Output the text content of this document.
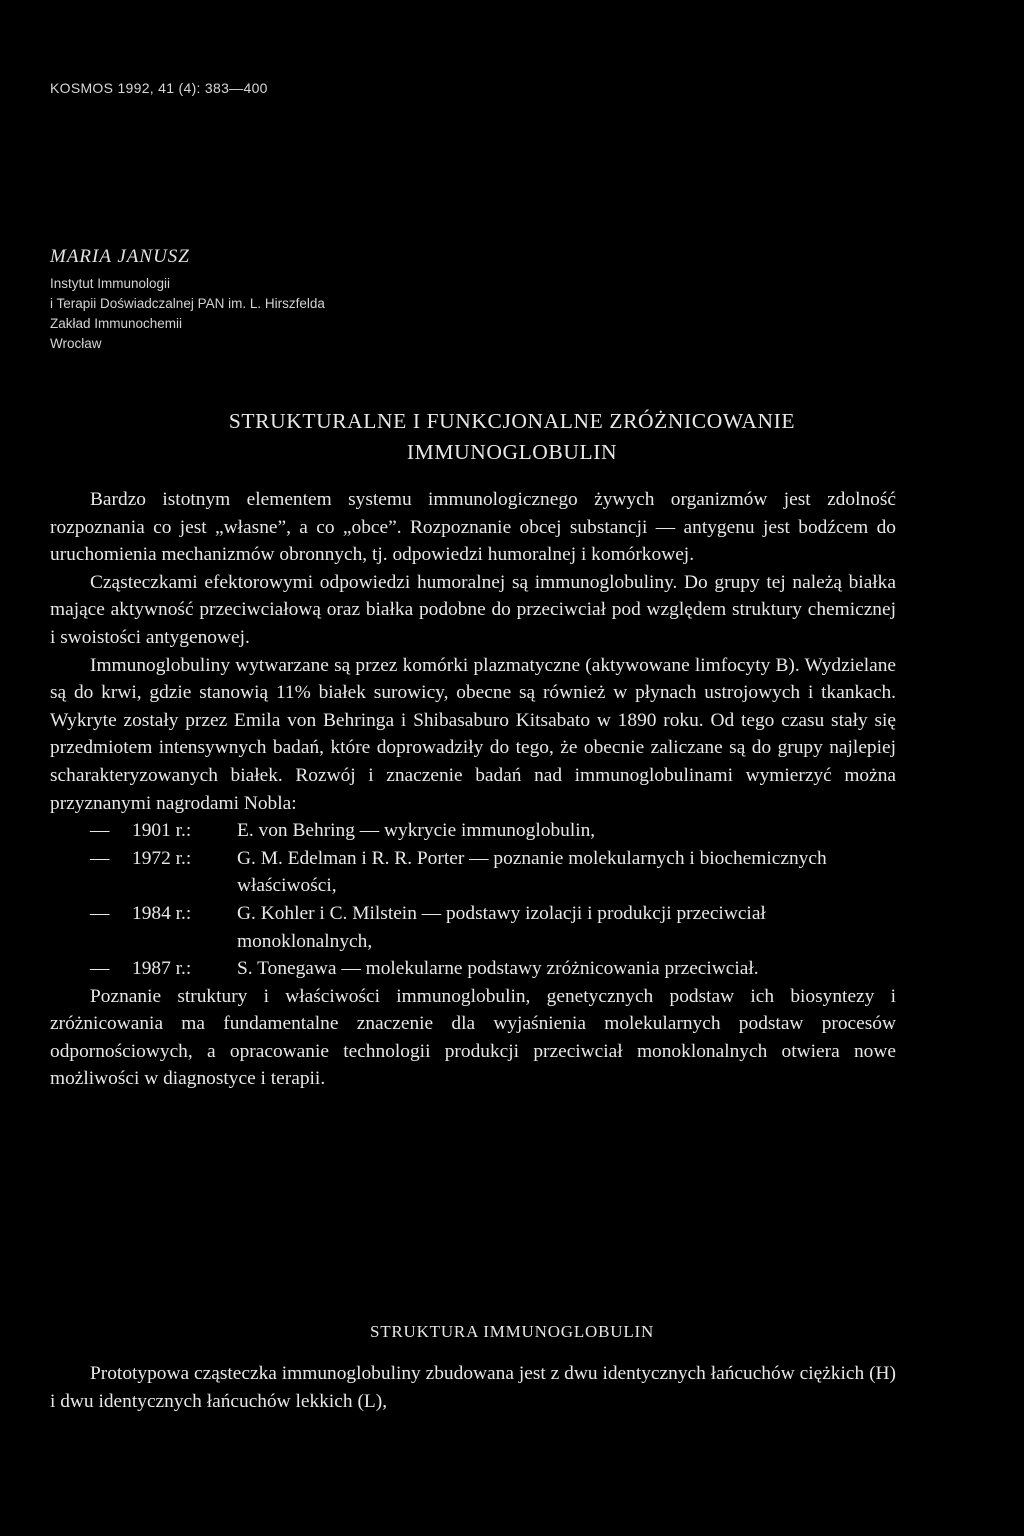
KOSMOS 1992, 41 (4): 383—400
MARIA JANUSZ
Instytut Immunologii
i Terapii Doświadczalnej PAN im. L. Hirszfelda
Zakład Immunochemii
Wrocław
STRUKTURALNE I FUNKCJONALNE ZRÓŻNICOWANIE
IMMUNOGLOBULIN

Bardzo istotnym elementem systemu immunologicznego żywych organizmów jest zdolność rozpoznania co jest „własne”, a co „obce”. Rozpoznanie obcej substancji — antygenu jest bodźcem do uruchomienia mechanizmów obronnych, tj. odpowiedzi humoralnej i komórkowej.

Cząsteczkami efektorowymi odpowiedzi humoralnej są immunoglobuliny. Do grupy tej należą białka mające aktywność przeciwciałową oraz białka podobne do przeciwciał pod względem struktury chemicznej i swoistości antygenowej.

Immunoglobuliny wytwarzane są przez komórki plazmatyczne (aktywowane limfocyty B). Wydzielane są do krwi, gdzie stanowią 11% białek surowicy, obecne są również w płynach ustrojowych i tkankach. Wykryte zostały przez Emila von Behringa i Shibasaburo Kitsabato w 1890 roku. Od tego czasu stały się przedmiotem intensywnych badań, które doprowadziły do tego, że obecnie zaliczane są do grupy najlepiej scharakteryzowanych białek. Rozwój i znaczenie badań nad immunoglobulinami wymierzyć można przyznanymi nagrodami Nobla:

—	1901 r.:	E. von Behring — wykrycie immunoglobulin,
—	1972 r.:	G. M. Edelman i R. R. Porter — poznanie molekularnych i biochemicznych właściwości,
—	1984 r.:	G. Kohler i C. Milstein — podstawy izolacji i produkcji przeciwciał monoklonalnych,
—	1987 r.:	S. Tonegawa — molekularne podstawy zróżnicowania przeciwciał.

Poznanie struktury i właściwości immunoglobulin, genetycznych podstaw ich biosyntezy i zróżnicowania ma fundamentalne znaczenie dla wyjaśnienia molekularnych podstaw procesów odpornościowych, a opracowanie technologii produkcji przeciwciał monoklonalnych otwiera nowe możliwości w diagnostyce i terapii.

STRUKTURA IMMUNOGLOBULIN

Prototypowa cząsteczka immunoglobuliny zbudowana jest z dwu identycznych łańcuchów ciężkich (H) i dwu identycznych łańcuchów lekkich (L),
